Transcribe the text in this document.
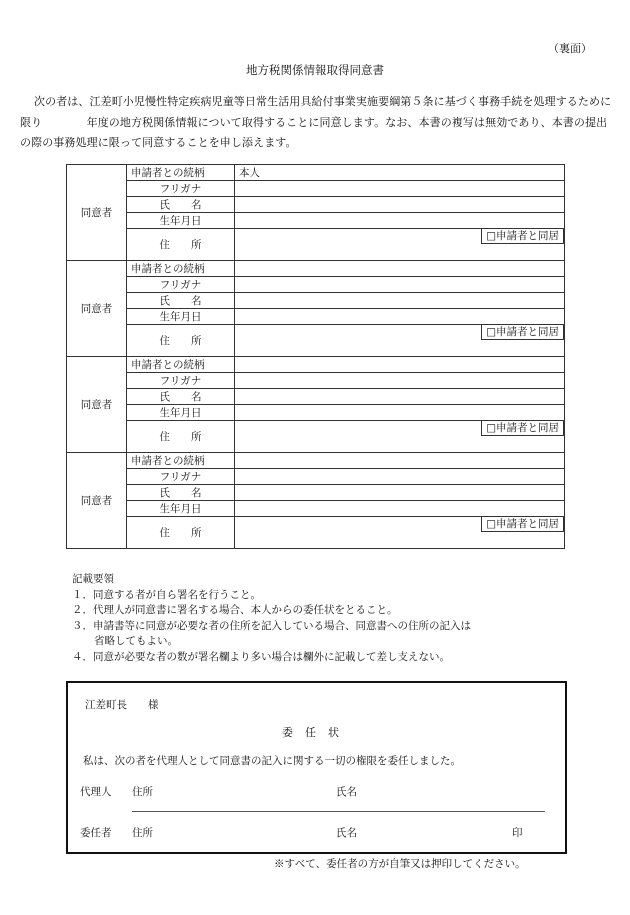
（裏面）
地方税関係情報取得同意書

次の者は、江差町小児慢性特定疾病児童等日常生活用具給付事業実施要綱第５条に基づく事務手続を処理するために限り　　　　年度の地方税関係情報について取得することに同意します。なお、本書の複写は無効であり、本書の提出の際の事務処理に限って同意することを申し添えます。

同意者	申請者との続柄	本人
	フリガナ	
	氏　　名	
	生年月日	
	住　　所	□申請者と同居

同意者	申請者との続柄	
	フリガナ	
	氏　　名	
	生年月日	
	住　　所	□申請者と同居

同意者	申請者との続柄	
	フリガナ	
	氏　　名	
	生年月日	
	住　　所	□申請者と同居

同意者	申請者との続柄	
	フリガナ	
	氏　　名	
	生年月日	
	住　　所	□申請者と同居
記載要領
１．同意する者が自ら署名を行うこと。
２．代理人が同意書に署名する場合、本人からの委任状をとること。
３．申請書等に同意が必要な者の住所を記入している場合、同意書への住所の記入は
省略してもよい。
４．同意が必要な者の数が署名欄より多い場合は欄外に記載して差し支えない。
江差町長　　様
委任状
私は、次の者を代理人として同意書の記入に関する一切の権限を委任しました。
代理人 住所	氏名
委任者 住所	氏名	印
※すべて、委任者の方が自筆又は押印してください。
